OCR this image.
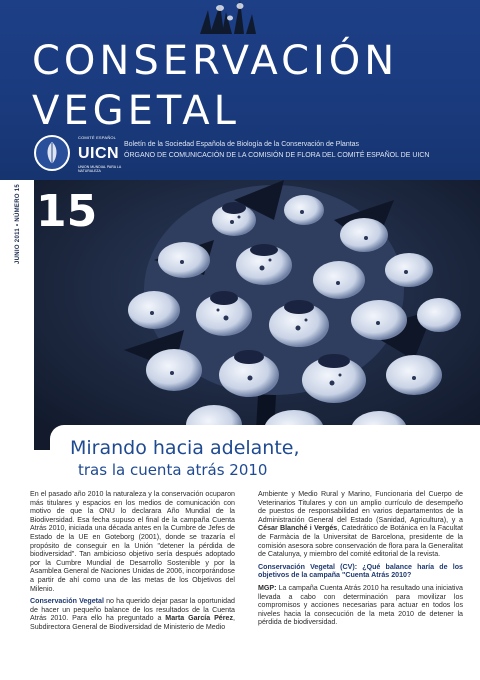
CONSERVACIÓN
VEGETAL
COMITÉ ESPAÑOL
UICN
UNION MUNDIAL PARA LA NATURALEZA
Boletín de la Sociedad Española de Biología de la Conservación de Plantas
ÓRGANO DE COMUNICACIÓN DE LA COMISIÓN DE FLORA DEL COMITÉ ESPAÑOL DE UICN
15
JUNIO 2011 • NÚMERO 15
Mirando hacia adelante,
tras la cuenta atrás 2010

En el pasado año 2010 la naturaleza y la conservación ocuparon más titulares y espacios en los medios de comunicación con motivo de que la ONU lo declarara Año Mundial de la Biodiversidad. Esa fecha supuso el final de la campaña Cuenta Atrás 2010, iniciada una década antes en la Cumbre de Jefes de Estado de la UE en Goteborg (2001), donde se trazaría el propósito de conseguir en la Unión "detener la pérdida de biodiversidad". Tan ambicioso objetivo sería después adoptado por la Cumbre Mundial de Desarrollo Sostenible y por la Asamblea General de Naciones Unidas de 2006, incorporándose a partir de ahí como una de las metas de los Objetivos del Milenio.

Conservación Vegetal no ha querido dejar pasar la oportunidad de hacer un pequeño balance de los resultados de la Cuenta Atrás 2010. Para ello ha preguntado a Marta García Pérez, Subdirectora General de Biodiversidad de Ministerio de Medio

Ambiente y Medio Rural y Marino, Funcionaria del Cuerpo de Veterinarios Titulares y con un amplio currículo de desempeño de puestos de responsabilidad en varios departamentos de la Administración General del Estado (Sanidad, Agricultura), y a César Blanché i Vergés, Catedrático de Botánica en la Facultat de Farmàcia de la Universitat de Barcelona, presidente de la comisión asesora sobre conservación de flora para la Generalitat de Catalunya, y miembro del comité editorial de la revista.

Conservación Vegetal (CV): ¿Qué balance haría de los objetivos de la campaña "Cuenta Atrás 2010?

MGP: La campaña Cuenta Atrás 2010 ha resultado una iniciativa llevada a cabo con determinación para movilizar los compromisos y acciones necesarias para actuar en todos los niveles hacia la consecución de la meta 2010 de detener la pérdida de biodiversidad.
